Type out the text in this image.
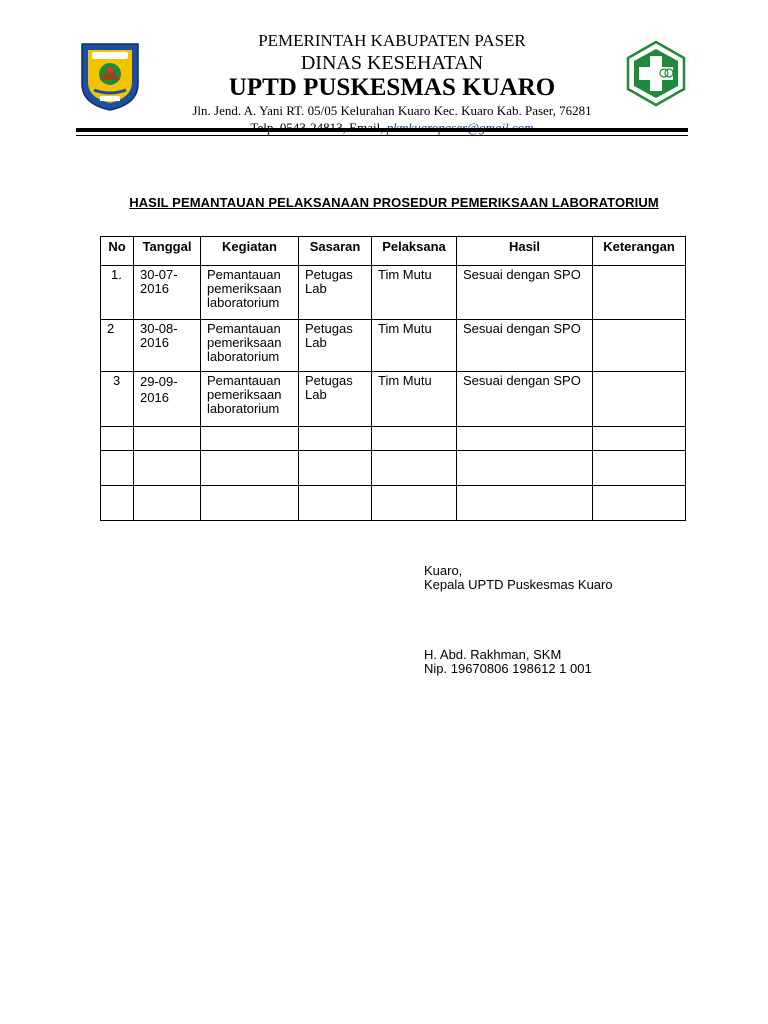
PEMERINTAH KABUPATEN PASER
DINAS KESEHATAN
UPTD PUSKESMAS KUARO
Jln. Jend. A. Yani RT. 05/05 Kelurahan Kuaro Kec. Kuaro Kab. Paser, 76281
HASIL PEMANTAUAN PELAKSANAAN PROSEDUR PEMERIKSAAN LABORATORIUM
No	Tanggal	Kegiatan	Sasaran	Pelaksana	Hasil	Keterangan
1.	30-07-2016	Pemantauan pemeriksaan laboratorium	Petugas Lab	Tim Mutu	Sesuai dengan SPO	
2	30-08-2016	Pemantauan pemeriksaan laboratorium	Petugas Lab	Tim Mutu	Sesuai dengan SPO	
3	29-09-2016	Pemantauan pemeriksaan laboratorium	Petugas Lab	Tim Mutu	Sesuai dengan SPO	

Kuaro,
Kepala UPTD Puskesmas Kuaro
H. Abd. Rakhman, SKM
Nip. 19670806 198612 1 001
